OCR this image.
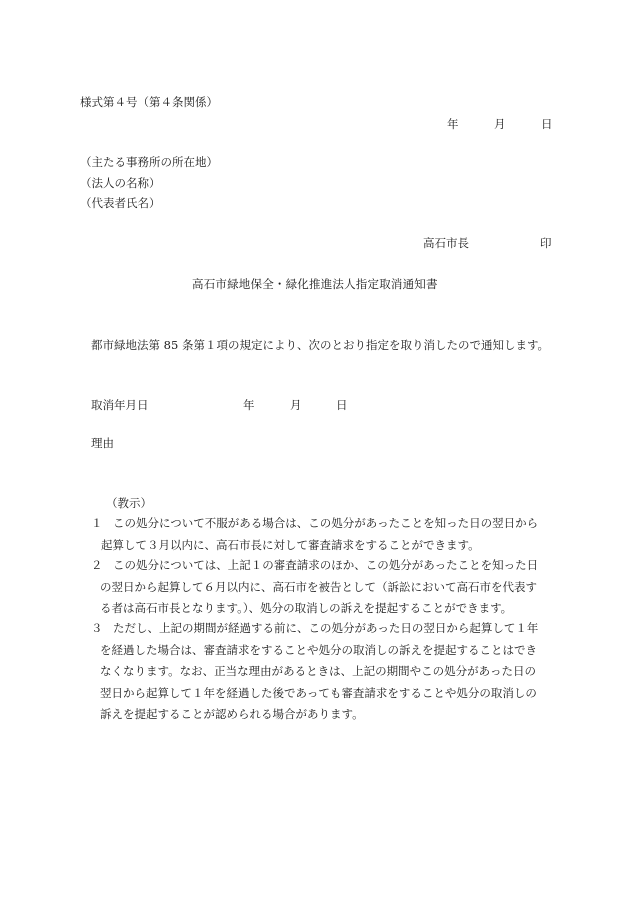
様式第４号（第４条関係）
年	月	日
（主たる事務所の所在地）
（法人の名称）
（代表者氏名）
高石市長	印
高石市緑地保全・緑化推進法人指定取消通知書
都市緑地法第 85 条第１項の規定により、次のとおり指定を取り消したので通知します。
取消年月日	年	月	日
理由
（教示）
１ この処分について不服がある場合は、この処分があったことを知った日の翌日から
起算して３月以内に、高石市長に対して審査請求をすることができます。
２ この処分については、上記１の審査請求のほか、この処分があったことを知った日
の翌日から起算して６月以内に、高石市を被告として（訴訟において高石市を代表す
る者は高石市長となります。）、処分の取消しの訴えを提起することができます。
３ ただし、上記の期間が経過する前に、この処分があった日の翌日から起算して１年
を経過した場合は、審査請求をすることや処分の取消しの訴えを提起することはでき
なくなります。なお、正当な理由があるときは、上記の期間やこの処分があった日の
翌日から起算して１年を経過した後であっても審査請求をすることや処分の取消しの
訴えを提起することが認められる場合があります。
